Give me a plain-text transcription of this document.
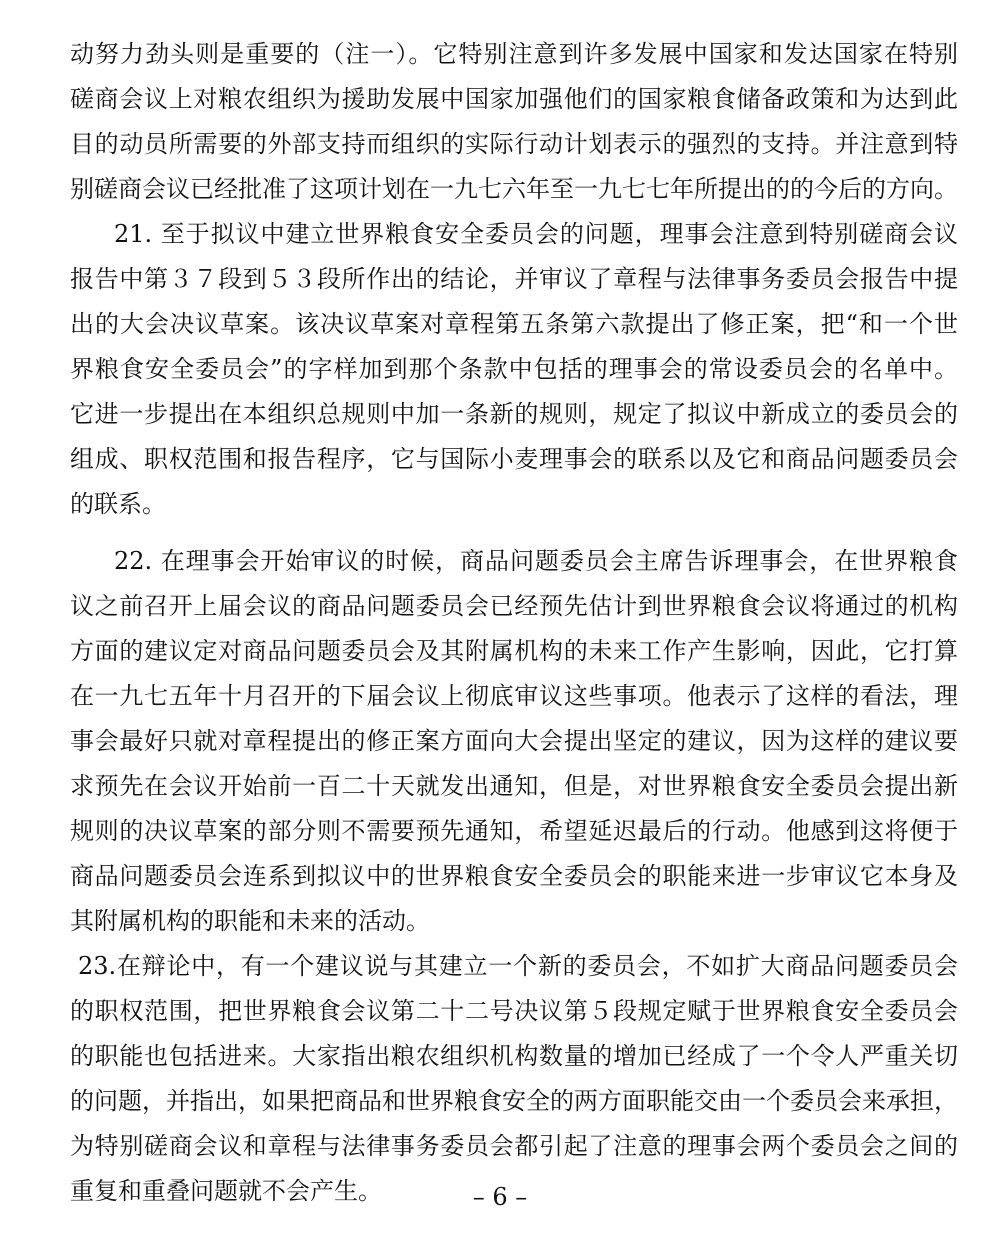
动努力劲头则是重要的（注一）。它特别注意到许多发展中国家和发达国家在特别
磋商会议上对粮农组织为援助发展中国家加强他们的国家粮食储备政策和为达到此
目的动员所需要的外部支持而组织的实际行动计划表示的强烈的支持。并注意到特
别磋商会议已经批准了这项计划在一九七六年至一九七七年所提出的的今后的方向。
21. 至于拟议中建立世界粮食安全委员会的问题，理事会注意到特别磋商会议
报告中第３７段到５３段所作出的结论，并审议了章程与法律事务委员会报告中提
出的大会决议草案。该决议草案对章程第五条第六款提出了修正案，把“和一个世
界粮食安全委员会”的字样加到那个条款中包括的理事会的常设委员会的名单中。
它进一步提出在本组织总规则中加一条新的规则，规定了拟议中新成立的委员会的
组成、职权范围和报告程序，它与国际小麦理事会的联系以及它和商品问题委员会
的联系。
22. 在理事会开始审议的时候，商品问题委员会主席告诉理事会，在世界粮食
议之前召开上届会议的商品问题委员会已经预先估计到世界粮食会议将通过的机构
方面的建议定对商品问题委员会及其附属机构的未来工作产生影响，因此，它打算
在一九七五年十月召开的下届会议上彻底审议这些事项。他表示了这样的看法，理
事会最好只就对章程提出的修正案方面向大会提出坚定的建议，因为这样的建议要
求预先在会议开始前一百二十天就发出通知，但是，对世界粮食安全委员会提出新
规则的决议草案的部分则不需要预先通知，希望延迟最后的行动。他感到这将便于
商品问题委员会连系到拟议中的世界粮食安全委员会的职能来进一步审议它本身及
其附属机构的职能和未来的活动。
23.在辩论中，有一个建议说与其建立一个新的委员会，不如扩大商品问题委员会
的职权范围，把世界粮食会议第二十二号决议第５段规定赋于世界粮食安全委员会
的职能也包括进来。大家指出粮农组织机构数量的增加已经成了一个令人严重关切
的问题，并指出，如果把商品和世界粮食安全的两方面职能交由一个委员会来承担，
为特别磋商会议和章程与法律事务委员会都引起了注意的理事会两个委员会之间的
重复和重叠问题就不会产生。	– 6 –
